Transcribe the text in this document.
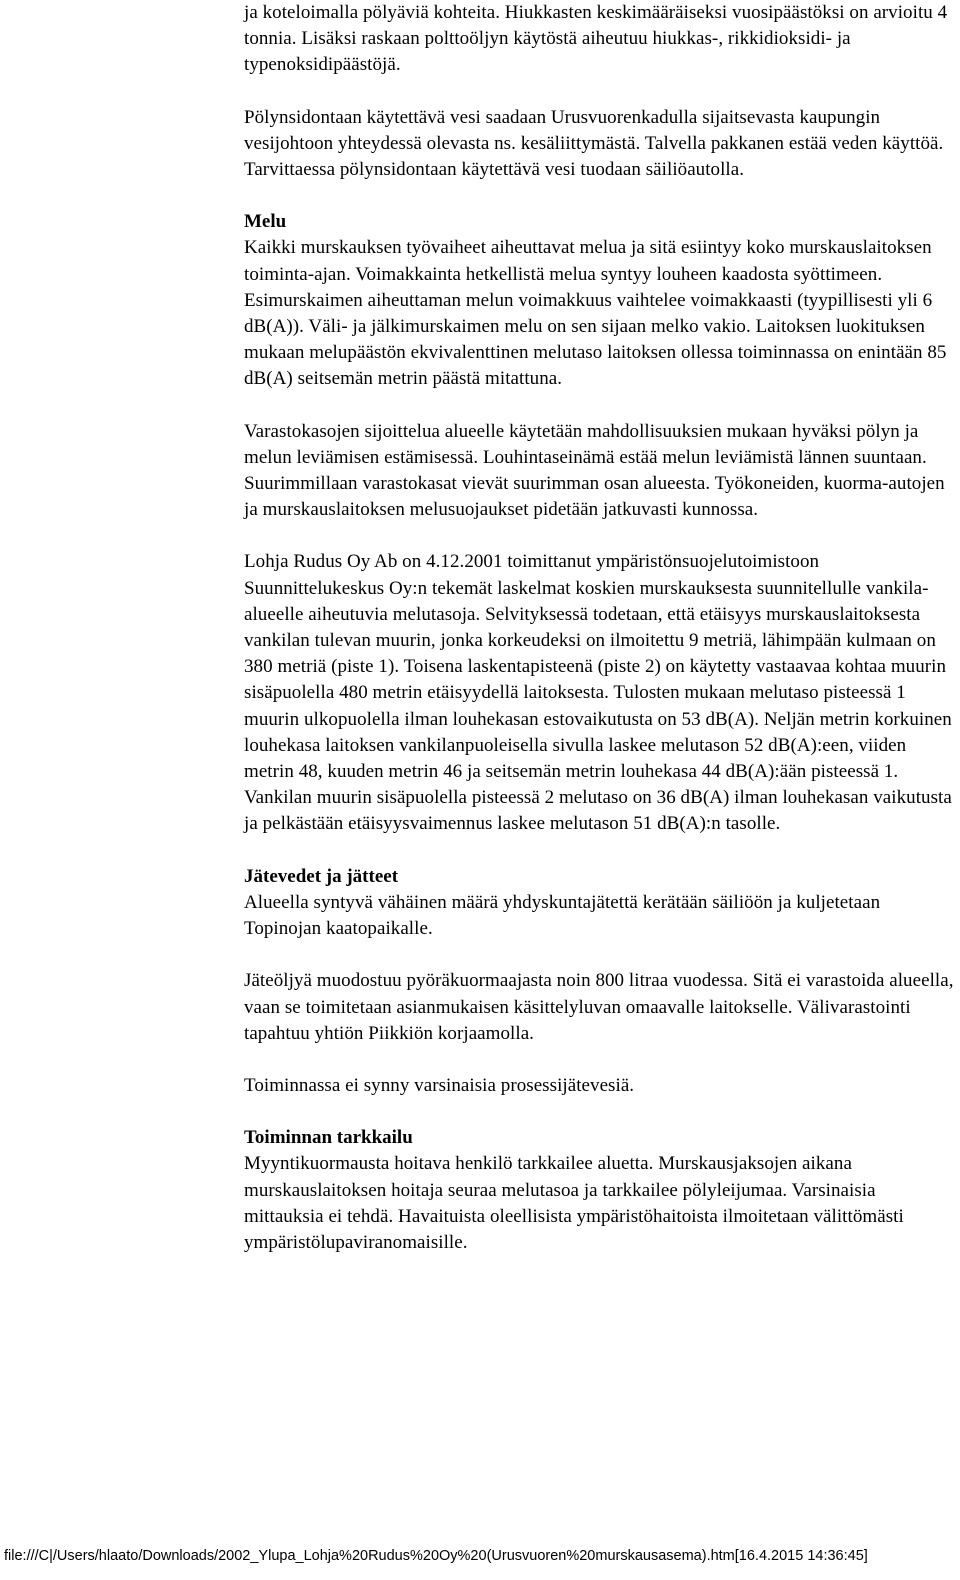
ja koteloimalla pölyäviä kohteita. Hiukkasten keskimääräiseksi vuosipäästöksi on arvioitu 4 tonnia. Lisäksi raskaan polttoöljyn käytöstä aiheutuu hiukkas-, rikkidioksidi- ja typenoksidipäästöjä.

Pölynsidontaan käytettävä vesi saadaan Urusvuorenkadulla sijaitsevasta kaupungin vesijohtoon yhteydessä olevasta ns. kesäliittymästä. Talvella pakkanen estää veden käyttöä. Tarvittaessa pölynsidontaan käytettävä vesi tuodaan säiliöautolla.

Melu

Kaikki murskauksen työvaiheet aiheuttavat melua ja sitä esiintyy koko murskauslaitoksen toiminta-ajan. Voimakkainta hetkellistä melua syntyy louheen kaadosta syöttimeen. Esimurskaimen aiheuttaman melun voimakkuus vaihtelee voimakkaasti (tyypillisesti yli 6 dB(A)). Väli- ja jälkimurskaimen melu on sen sijaan melko vakio. Laitoksen luokituksen mukaan melupäästön ekvivalenttinen melutaso laitoksen ollessa toiminnassa on enintään 85 dB(A) seitsemän metrin päästä mitattuna.

Varastokasojen sijoittelua alueelle käytetään mahdollisuuksien mukaan hyväksi pölyn ja melun leviämisen estämisessä. Louhintaseinämä estää melun leviämistä lännen suuntaan. Suurimmillaan varastokasat vievät suurimman osan alueesta. Työkoneiden, kuorma-autojen ja murskauslaitoksen melusuojaukset pidetään jatkuvasti kunnossa.

Lohja Rudus Oy Ab on 4.12.2001 toimittanut ympäristönsuojelutoimistoon Suunnittelukeskus Oy:n tekemät laskelmat koskien murskauksesta suunnitellulle vankila-alueelle aiheutuvia melutasoja. Selvityksessä todetaan, että etäisyys murskauslaitoksesta vankilan tulevan muurin, jonka korkeudeksi on ilmoitettu 9 metriä, lähimpään kulmaan on 380 metriä (piste 1). Toisena laskentapisteenä (piste 2) on käytetty vastaavaa kohtaa muurin sisäpuolella 480 metrin etäisyydellä laitoksesta. Tulosten mukaan melutaso pisteessä 1 muurin ulkopuolella ilman louhekasan estovaikutusta on 53 dB(A). Neljän metrin korkuinen louhekasa laitoksen vankilanpuoleisella sivulla laskee melutason 52 dB(A):een, viiden metrin 48, kuuden metrin 46 ja seitsemän metrin louhekasa 44 dB(A):ään pisteessä 1. Vankilan muurin sisäpuolella pisteessä 2 melutaso on 36 dB(A) ilman louhekasan vaikutusta ja pelkästään etäisyysvaimennus laskee melutason 51 dB(A):n tasolle.

Jätevedet ja jätteet

Alueella syntyvä vähäinen määrä yhdyskuntajätettä kerätään säiliöön ja kuljetetaan Topinojan kaatopaikalle.

Jäteöljyä muodostuu pyöräkuormaajasta noin 800 litraa vuodessa. Sitä ei varastoida alueella, vaan se toimitetaan asianmukaisen käsittelyluvan omaavalle laitokselle. Välivarastointi tapahtuu yhtiön Piikkiön korjaamolla.

Toiminnassa ei synny varsinaisia prosessijätevesiä.

Toiminnan tarkkailu

Myyntikuormausta hoitava henkilö tarkkailee aluetta. Murskausjaksojen aikana murskauslaitoksen hoitaja seuraa melutasoa ja tarkkailee pölyleijumaa. Varsinaisia mittauksia ei tehdä. Havaituista oleellisista ympäristöhaitoista ilmoitetaan välittömästi ympäristölupaviranomaisille.

file:///C|/Users/hlaato/Downloads/2002_Ylupa_Lohja%20Rudus%20Oy%20(Urusvuoren%20murskausasema).htm[16.4.2015 14:36:45]
